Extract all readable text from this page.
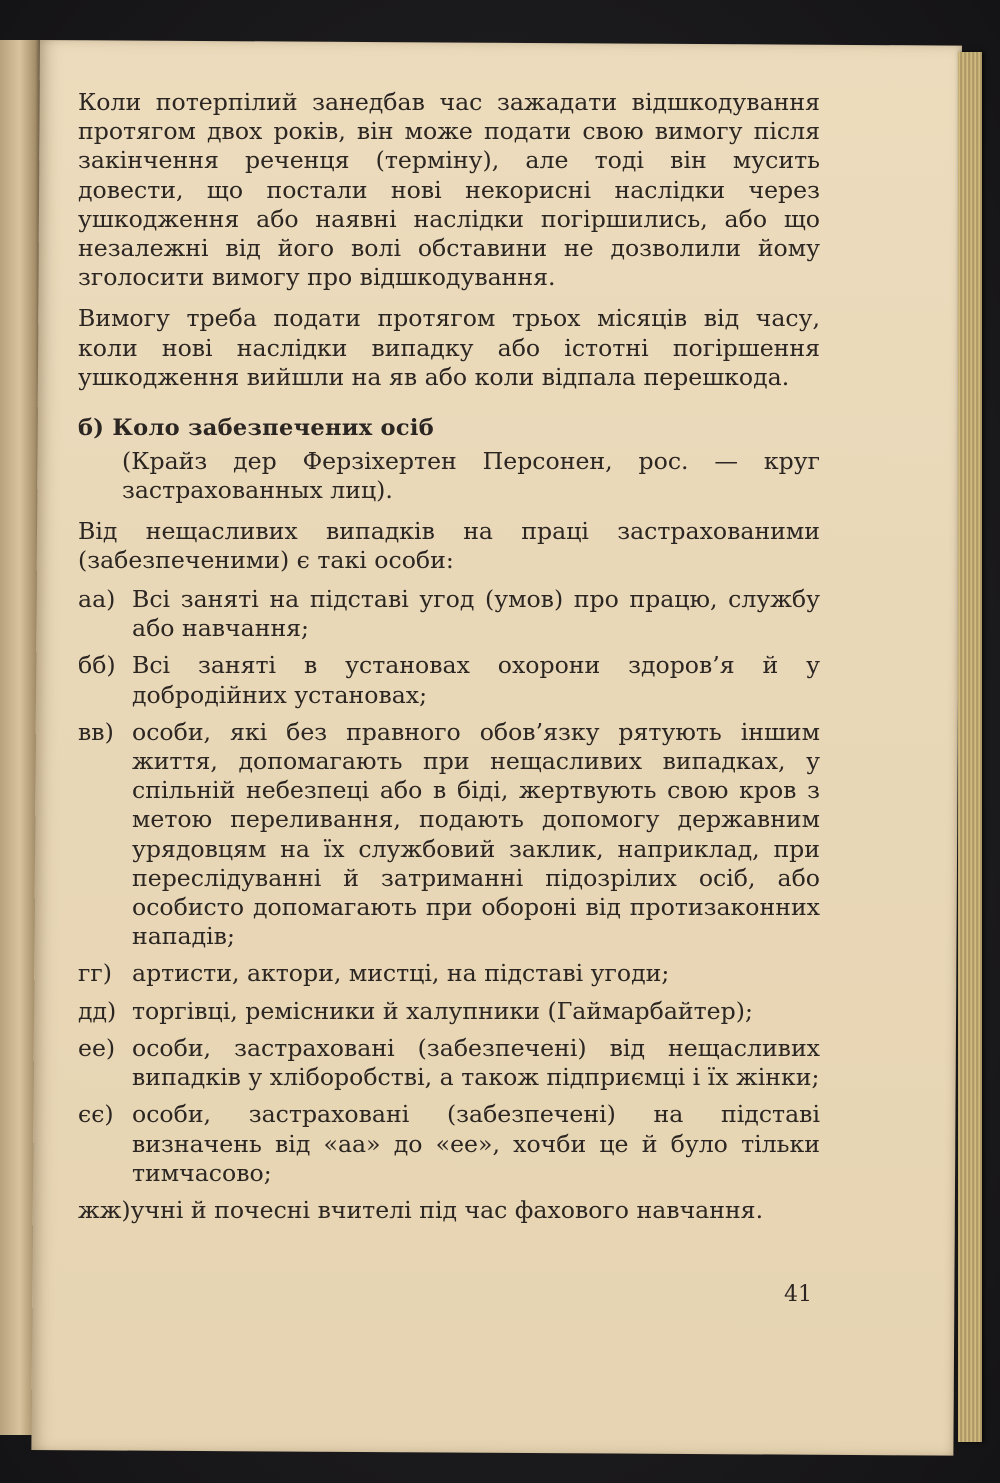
Коли потерпілий занедбав час зажадати відшкодування протягом двох років, він може подати свою вимогу після закінчення реченця (терміну), але тоді він мусить довести, що постали нові некорисні наслідки через ушкодження або наявні наслідки погіршились, або що незалежні від його волі обставини не дозволили йому зголосити вимогу про відшкодування.

Вимогу треба подати протягом трьох місяців від часу, коли нові наслідки випадку або істотні погіршення ушкодження вийшли на яв або коли відпала перешкода.

б) Коло забезпечених осіб

(Крайз дер Ферзіхертен Персонен, рос. — круг застрахованных лиц).

Від нещасливих випадків на праці застрахованими (забезпеченими) є такі особи:

аа) Всі заняті на підставі угод (умов) про працю, службу або навчання;
бб) Всі заняті в установах охорони здоров’я й у добродійних установах;
вв) особи, які без правного обов’язку рятують іншим життя, допомагають при нещасливих випадках, у спільній небезпеці або в біді, жертвують свою кров з метою переливання, подають допомогу державним урядовцям на їх службовий заклик, наприклад, при переслідуванні й затриманні підозрілих осіб, або особисто допомагають при обороні від протизаконних нападів;
гг) артисти, актори, мистці, на підставі угоди;
дд) торгівці, ремісники й халупники (Гаймарбайтер);
ее) особи, застраховані (забезпечені) від нещасливих випадків у хліборобстві, а також підприємці і їх жінки;
єє) особи, застраховані (забезпечені) на підставі визначень від «аа» до «ее», хочби це й було тільки тимчасово;

жж)учні й почесні вчителі під час фахового навчання.

41
